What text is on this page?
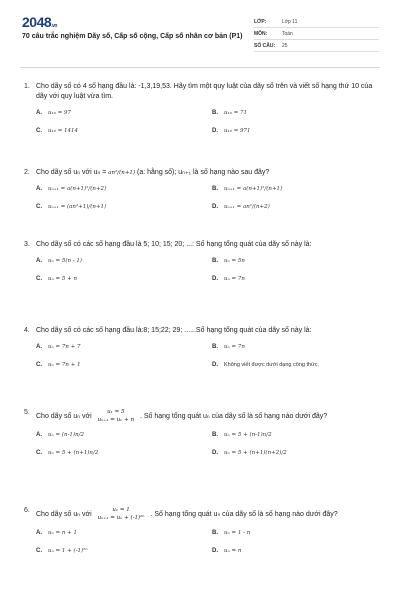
2048.vn
70 câu trắc nghiệm Dãy số, Cấp số cộng, Cấp số nhân cơ bản (P1)
LỚP:	Lớp 11
MÔN:	Toán
SỐ CÂU:	25
1. Cho dãy số có 4 số hạng đầu là: -1,3,19,53. Hãy tìm một quy luật của dãy số trên và viết số hạng thứ 10 của dãy với quy luật vừa tìm.
A.	u₁₀ = 97	B.	u₁₀ = 71
C.	u₁₀ = 1414	D.	u₁₀ = 971
2. Cho dãy số uₙ với uₙ = an²/(n+1) (a: hằng số); uₙ₊₁ là số hạng nào sau đây?
A.	uₙ₊₁ = a(n+1)²/(n+2)	B.	uₙ₊₁ = a(n+1)²/(n+1)
C.	uₙ₊₁ = (an²+1)/(n+1)	D.	uₙ₊₁ = an²/(n+2)
3. Cho dãy số có các số hạng đầu là 5; 10; 15; 20; ...: Số hạng tổng quát của dãy số này là:
A.	uₙ = 5(n - 1)	B.	uₙ = 5n
C.	uₙ = 5 + n	D.	uₙ = 7n
4. Cho dãy số có các số hạng đầu là:8; 15;22; 29; ......Số hạng tổng quát của dãy số này là:
A.	uₙ = 7n + 7	B.	uₙ = 7n
C.	uₙ = 7n + 1	D.	Không viết được dưới dạng công thức.
5.
Cho dãy số uₙ với u₁ = 5
uₙ₊₁ = uₙ + n . Số hạng tổng quát uₙ của dãy số là số hạng nào dưới đây?
A.	uₙ = (n-1)n/2	B.	uₙ = 5 + (n-1)n/2
C.	uₙ = 5 + (n+1)n/2	D.	uₙ = 5 + (n+1)(n+2)/2
6.
Cho dãy số uₙ với u₁ = 1
uₙ₊₁ = uₙ + (-1)²ⁿ . Số hạng tổng quát uₙ của dãy số là số hạng nào dưới đây?
A.	uₙ = n + 1	B.	uₙ = 1 - n
C.	uₙ = 1 + (-1)²ⁿ	D.	uₙ = n
